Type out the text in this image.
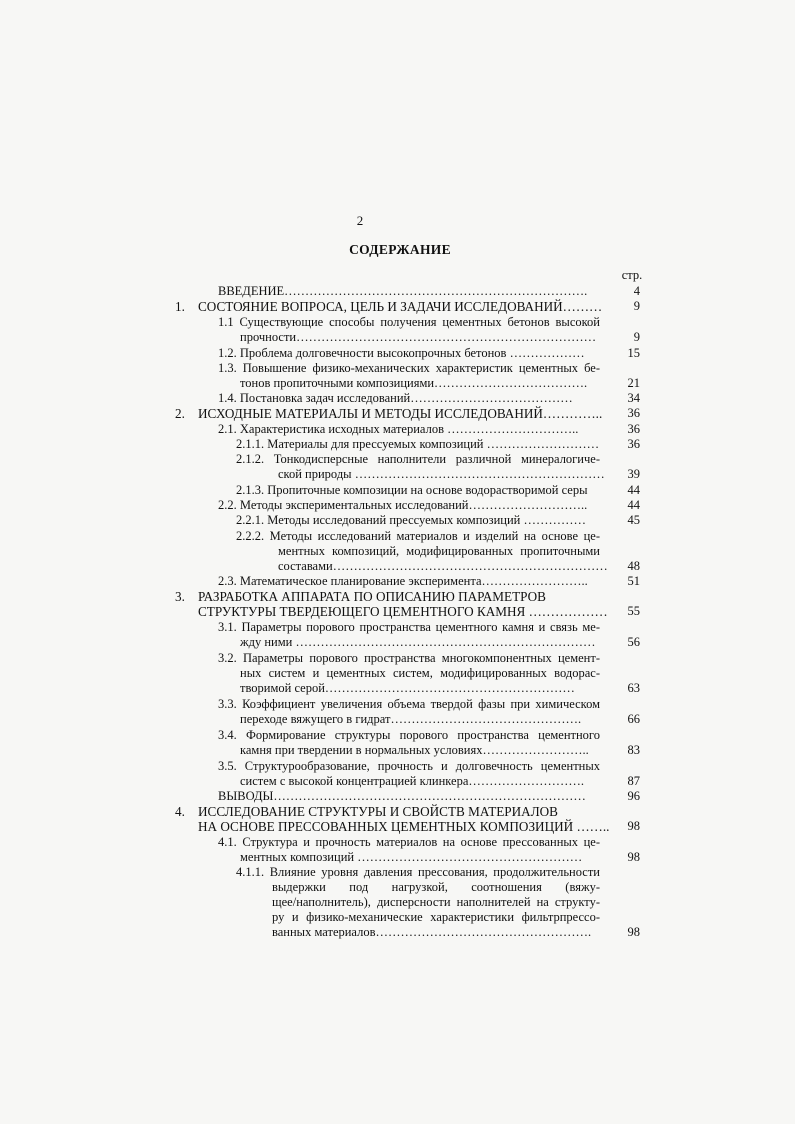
2
СОДЕРЖАНИЕ
стр.
ВВЕДЕНИЕ……………………………………………………………….	4
1. СОСТОЯНИЕ ВОПРОСА, ЦЕЛЬ И ЗАДАЧИ ИССЛЕДОВАНИЙ………	9
1.1 Существующие способы получения цементных бетонов высокой
прочности………………………………………………………………	9
1.2. Проблема долговечности высокопрочных бетонов ………………	15
1.3. Повышение физико-механических характеристик цементных бе-
тонов пропиточными композициями……………………………….	21
1.4. Постановка задач исследований…………………………………	34
2. ИСХОДНЫЕ МАТЕРИАЛЫ И МЕТОДЫ ИССЛЕДОВАНИЙ…………..	36
2.1. Характеристика исходных материалов …………………………..	36
2.1.1. Материалы для прессуемых композиций ………………………	36
2.1.2. Тонкодисперсные наполнители различной минералогиче-
ской природы ……………………………………………………	39
2.1.3. Пропиточные композиции на основе водорастворимой серы	44
2.2. Методы экспериментальных исследований………………………..	44
2.2.1. Методы исследований прессуемых композиций ……………	45
2.2.2. Методы исследований материалов и изделий на основе це-
ментных композиций, модифицированных пропиточными
составами…………………………………………………………	48
2.3. Математическое планирование эксперимента……………………..	51
3. РАЗРАБОТКА АППАРАТА ПО ОПИСАНИЮ ПАРАМЕТРОВ
СТРУКТУРЫ ТВЕРДЕЮЩЕГО ЦЕМЕНТНОГО КАМНЯ ………………	55
3.1. Параметры порового пространства цементного камня и связь ме-
жду ними ………………………………………………………………	56
3.2. Параметры порового пространства многокомпонентных цемент-
ных систем и цементных систем, модифицированных водорас-
творимой серой……………………………………………………	63
3.3. Коэффициент увеличения объема твердой фазы при химическом
переходе вяжущего в гидрат……………………………………….	66
3.4. Формирование структуры порового пространства цементного
камня при твердении в нормальных условиях……………………..	83
3.5. Структурообразование, прочность и долговечность цементных
систем с высокой концентрацией клинкера……………………….	87
ВЫВОДЫ…………………………………………………………………	96
4. ИССЛЕДОВАНИЕ СТРУКТУРЫ И СВОЙСТВ МАТЕРИАЛОВ
НА ОСНОВЕ ПРЕССОВАННЫХ ЦЕМЕНТНЫХ КОМПОЗИЦИЙ ……..	98
4.1. Структура и прочность материалов на основе прессованных це-
ментных композиций ………………………………………………	98
4.1.1. Влияние уровня давления прессования, продолжительности
выдержки под нагрузкой, соотношения (вяжу-
щее/наполнитель), дисперсности наполнителей на структу-
ру и физико-механические характеристики фильтрпрессо-
ванных материалов…………………………………………….	98
